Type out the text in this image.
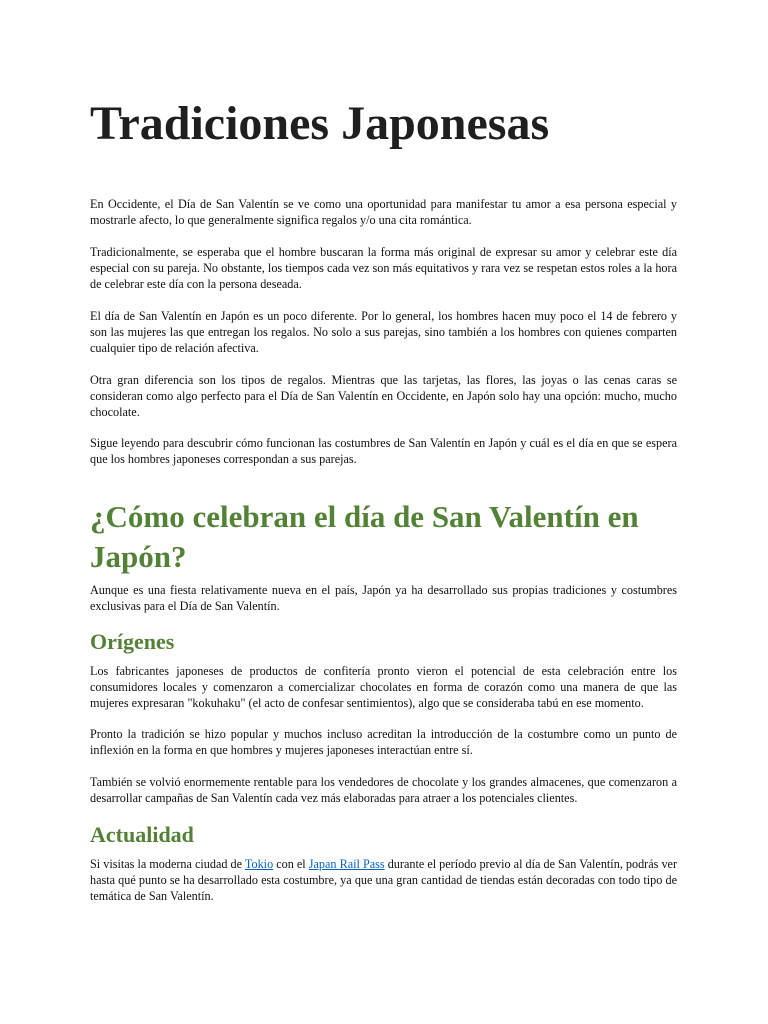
Tradiciones Japonesas

En Occidente, el Día de San Valentín se ve como una oportunidad para manifestar tu amor a esa persona especial y mostrarle afecto, lo que generalmente significa regalos y/o una cita romántica.

Tradicionalmente, se esperaba que el hombre buscaran la forma más original de expresar su amor y celebrar este día especial con su pareja. No obstante, los tiempos cada vez son más equitativos y rara vez se respetan estos roles a la hora de celebrar este día con la persona deseada.

El día de San Valentín en Japón es un poco diferente. Por lo general, los hombres hacen muy poco el 14 de febrero y son las mujeres las que entregan los regalos. No solo a sus parejas, sino también a los hombres con quienes comparten cualquier tipo de relación afectiva.

Otra gran diferencia son los tipos de regalos. Mientras que las tarjetas, las flores, las joyas o las cenas caras se consideran como algo perfecto para el Día de San Valentín en Occidente, en Japón solo hay una opción: mucho, mucho chocolate.

Sigue leyendo para descubrir cómo funcionan las costumbres de San Valentín en Japón y cuál es el día en que se espera que los hombres japoneses correspondan a sus parejas.

¿Cómo celebran el día de San Valentín en Japón?

Aunque es una fiesta relativamente nueva en el país, Japón ya ha desarrollado sus propias tradiciones y costumbres exclusivas para el Día de San Valentín.

Orígenes

Los fabricantes japoneses de productos de confitería pronto vieron el potencial de esta celebración entre los consumidores locales y comenzaron a comercializar chocolates en forma de corazón como una manera de que las mujeres expresaran "kokuhaku" (el acto de confesar sentimientos), algo que se consideraba tabú en ese momento.

Pronto la tradición se hizo popular y muchos incluso acreditan la introducción de la costumbre como un punto de inflexión en la forma en que hombres y mujeres japoneses interactúan entre sí.

También se volvió enormemente rentable para los vendedores de chocolate y los grandes almacenes, que comenzaron a desarrollar campañas de San Valentín cada vez más elaboradas para atraer a los potenciales clientes.

Actualidad

Si visitas la moderna ciudad de Tokio con el Japan Rail Pass durante el período previo al día de San Valentín, podrás ver hasta qué punto se ha desarrollado esta costumbre, ya que una gran cantidad de tiendas están decoradas con todo tipo de temática de San Valentín.
